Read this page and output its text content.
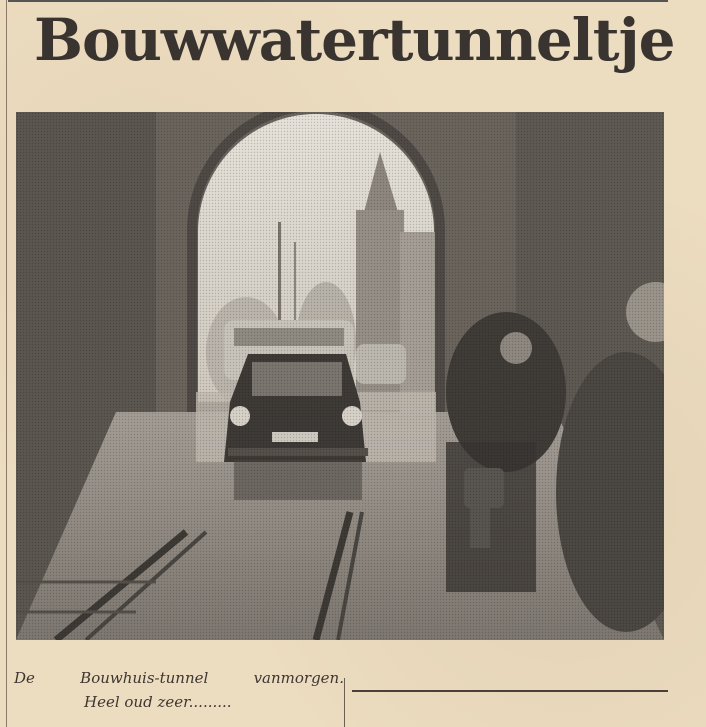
Bouwwatertunneltje
De	Bouwhuis-tunnel	vanmorgen.
Heel oud zeer.........
